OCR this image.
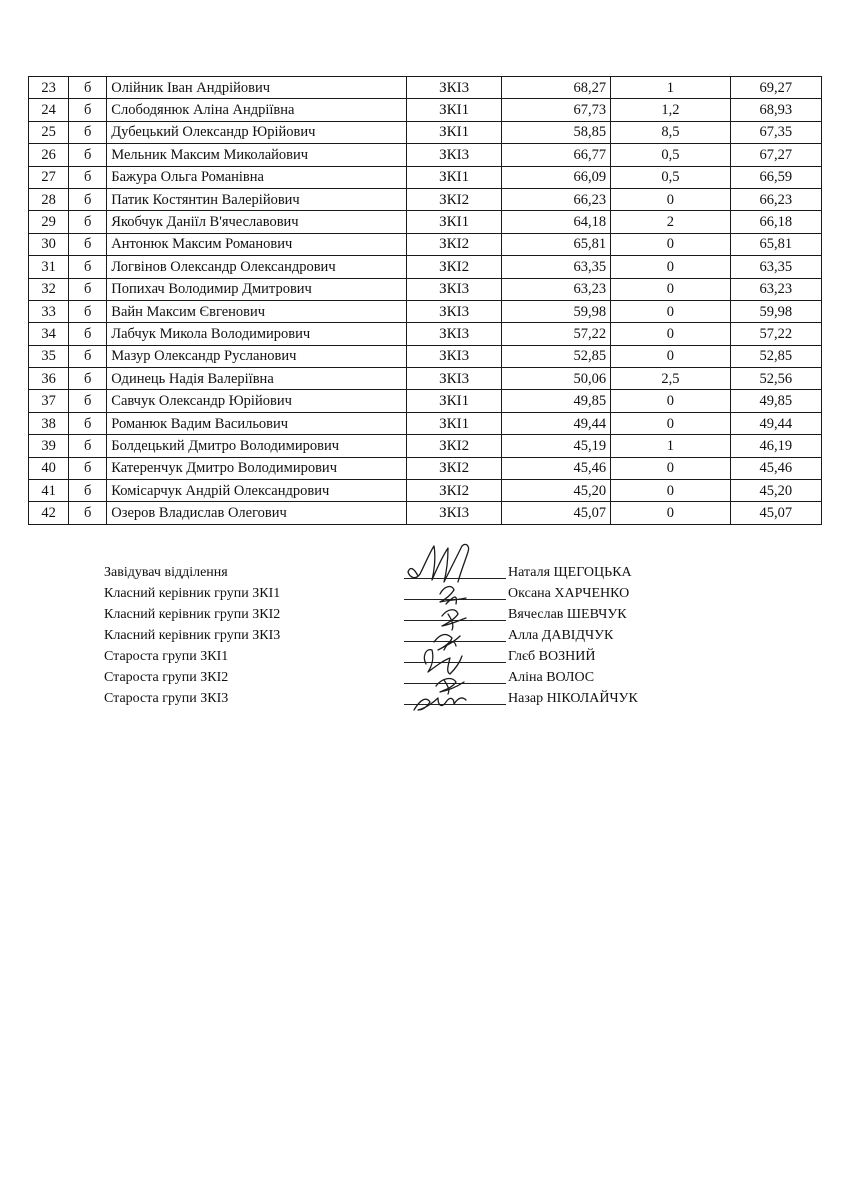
23	б	Олійник Іван Андрійович	ЗКІ3	68,27	1	69,27
24	б	Слободянюк Аліна Андріївна	ЗКІ1	67,73	1,2	68,93
25	б	Дубецький Олександр Юрійович	ЗКІ1	58,85	8,5	67,35
26	б	Мельник Максим Миколайович	ЗКІ3	66,77	0,5	67,27
27	б	Бажура Ольга Романівна	ЗКІ1	66,09	0,5	66,59
28	б	Патик Костянтин Валерійович	ЗКІ2	66,23	0	66,23
29	б	Якобчук Даніїл В'ячеславович	ЗКІ1	64,18	2	66,18
30	б	Антонюк Максим Романович	ЗКІ2	65,81	0	65,81
31	б	Логвінов Олександр Олександрович	ЗКІ2	63,35	0	63,35
32	б	Попихач Володимир Дмитрович	ЗКІ3	63,23	0	63,23
33	б	Вайн Максим Євгенович	ЗКІ3	59,98	0	59,98
34	б	Лабчук Микола Володимирович	ЗКІ3	57,22	0	57,22
35	б	Мазур Олександр Русланович	ЗКІ3	52,85	0	52,85
36	б	Одинець Надія Валеріївна	ЗКІ3	50,06	2,5	52,56
37	б	Савчук Олександр Юрійович	ЗКІ1	49,85	0	49,85
38	б	Романюк Вадим Васильович	ЗКІ1	49,44	0	49,44
39	б	Болдецький Дмитро Володимирович	ЗКІ2	45,19	1	46,19
40	б	Катеренчук Дмитро Володимирович	ЗКІ2	45,46	0	45,46
41	б	Комісарчук Андрій Олександрович	ЗКІ2	45,20	0	45,20
42	б	Озеров Владислав Олегович	ЗКІ3	45,07	0	45,07
Завідувач відділення	Наталя ЩЕГОЦЬКА
Класний керівник групи ЗКІ1	Оксана ХАРЧЕНКО
Класний керівник групи ЗКІ2	Вячеслав ШЕВЧУК
Класний керівник групи ЗКІ3	Алла ДАВІДЧУК
Староста групи ЗКІ1	Глєб ВОЗНИЙ
Староста групи ЗКІ2	Аліна ВОЛОС
Староста групи ЗКІ3	Назар НІКОЛАЙЧУК
